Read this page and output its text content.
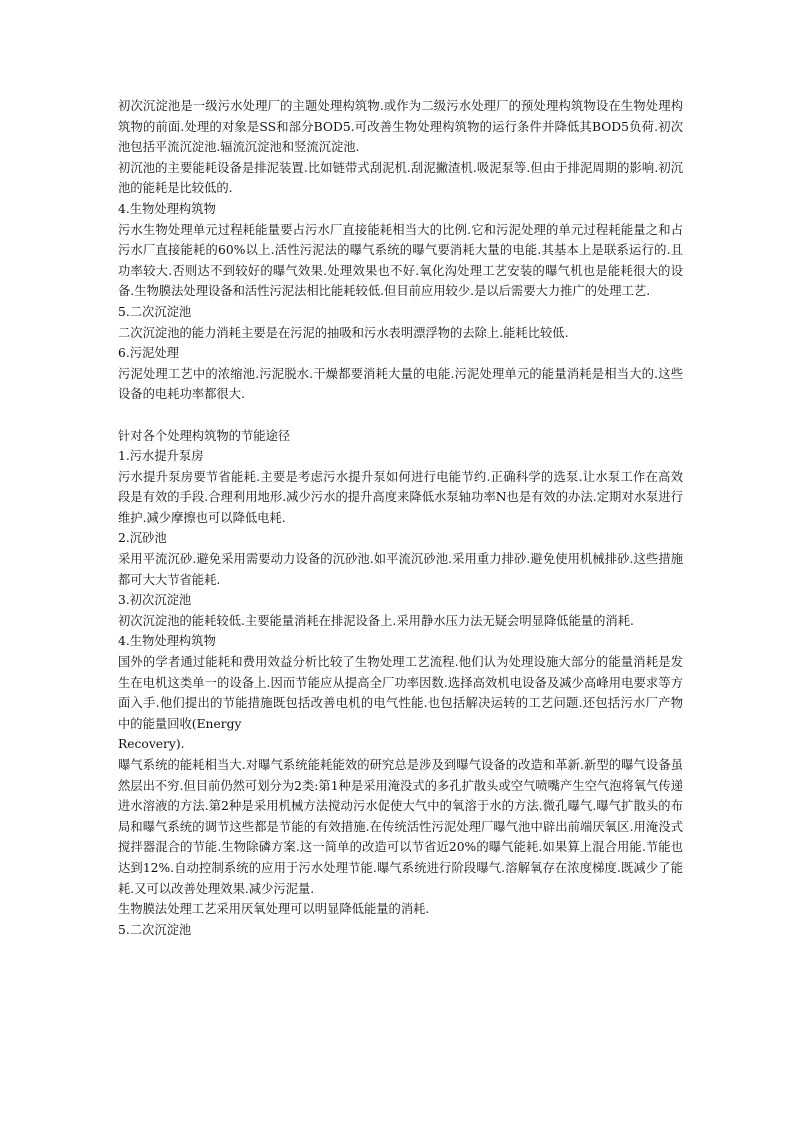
初次沉淀池是一级污水处理厂的主题处理构筑物.或作为二级污水处理厂的预处理构筑物设在生物处理构筑物的前面.处理的对象是SS和部分BOD5.可改善生物处理构筑物的运行条件并降低其BOD5负荷.初次池包括平流沉淀池.辐流沉淀池和竖流沉淀池.

初沉池的主要能耗设备是排泥装置.比如链带式刮泥机.刮泥撇渣机.吸泥泵等.但由于排泥周期的影响.初沉池的能耗是比较低的.

4.生物处理构筑物

污水生物处理单元过程耗能量要占污水厂直接能耗相当大的比例.它和污泥处理的单元过程耗能量之和占污水厂直接能耗的60%以上.活性污泥法的曝气系统的曝气要消耗大量的电能.其基本上是联系运行的.且功率较大.否则达不到较好的曝气效果.处理效果也不好.氧化沟处理工艺安装的曝气机也是能耗很大的设备.生物膜法处理设备和活性污泥法相比能耗较低.但目前应用较少.是以后需要大力推广的处理工艺.

5.二次沉淀池

二次沉淀池的能力消耗主要是在污泥的抽吸和污水表明漂浮物的去除上.能耗比较低.

6.污泥处理

污泥处理工艺中的浓缩池.污泥脱水.干燥都要消耗大量的电能.污泥处理单元的能量消耗是相当大的.这些设备的电耗功率都很大.

针对各个处理构筑物的节能途径

1.污水提升泵房

污水提升泵房要节省能耗.主要是考虑污水提升泵如何进行电能节约.正确科学的选泵.让水泵工作在高效段是有效的手段.合理利用地形.减少污水的提升高度来降低水泵轴功率N也是有效的办法.定期对水泵进行维护.减少摩擦也可以降低电耗.

2.沉砂池

采用平流沉砂.避免采用需要动力设备的沉砂池.如平流沉砂池.采用重力排砂.避免使用机械排砂.这些措施都可大大节省能耗.

3.初次沉淀池

初次沉淀池的能耗较低.主要能量消耗在排泥设备上.采用静水压力法无疑会明显降低能量的消耗.

4.生物处理构筑物

国外的学者通过能耗和费用效益分析比较了生物处理工艺流程.他们认为处理设施大部分的能量消耗是发生在电机这类单一的设备上.因而节能应从提高全厂功率因数.选择高效机电设备及减少高峰用电要求等方面入手.他们提出的节能措施既包括改善电机的电气性能.也包括解决运转的工艺问题.还包括污水厂产物中的能量回收(Energy

Recovery).

曝气系统的能耗相当大.对曝气系统能耗能效的研究总是涉及到曝气设备的改造和革新.新型的曝气设备虽然层出不穷.但目前仍然可划分为2类:第1种是采用淹没式的多孔扩散头或空气喷嘴产生空气泡将氧气传递进水溶液的方法.第2种是采用机械方法搅动污水促使大气中的氧溶于水的方法.微孔曝气.曝气扩散头的布局和曝气系统的调节这些都是节能的有效措施.在传统活性污泥处理厂曝气池中辟出前端厌氧区.用淹没式搅拌器混合的节能.生物除磷方案.这一简单的改造可以节省近20%的曝气能耗.如果算上混合用能.节能也达到12%.自动控制系统的应用于污水处理节能.曝气系统进行阶段曝气.溶解氧存在浓度梯度.既减少了能耗.又可以改善处理效果.减少污泥量.

生物膜法处理工艺采用厌氧处理可以明显降低能量的消耗.

5.二次沉淀池
